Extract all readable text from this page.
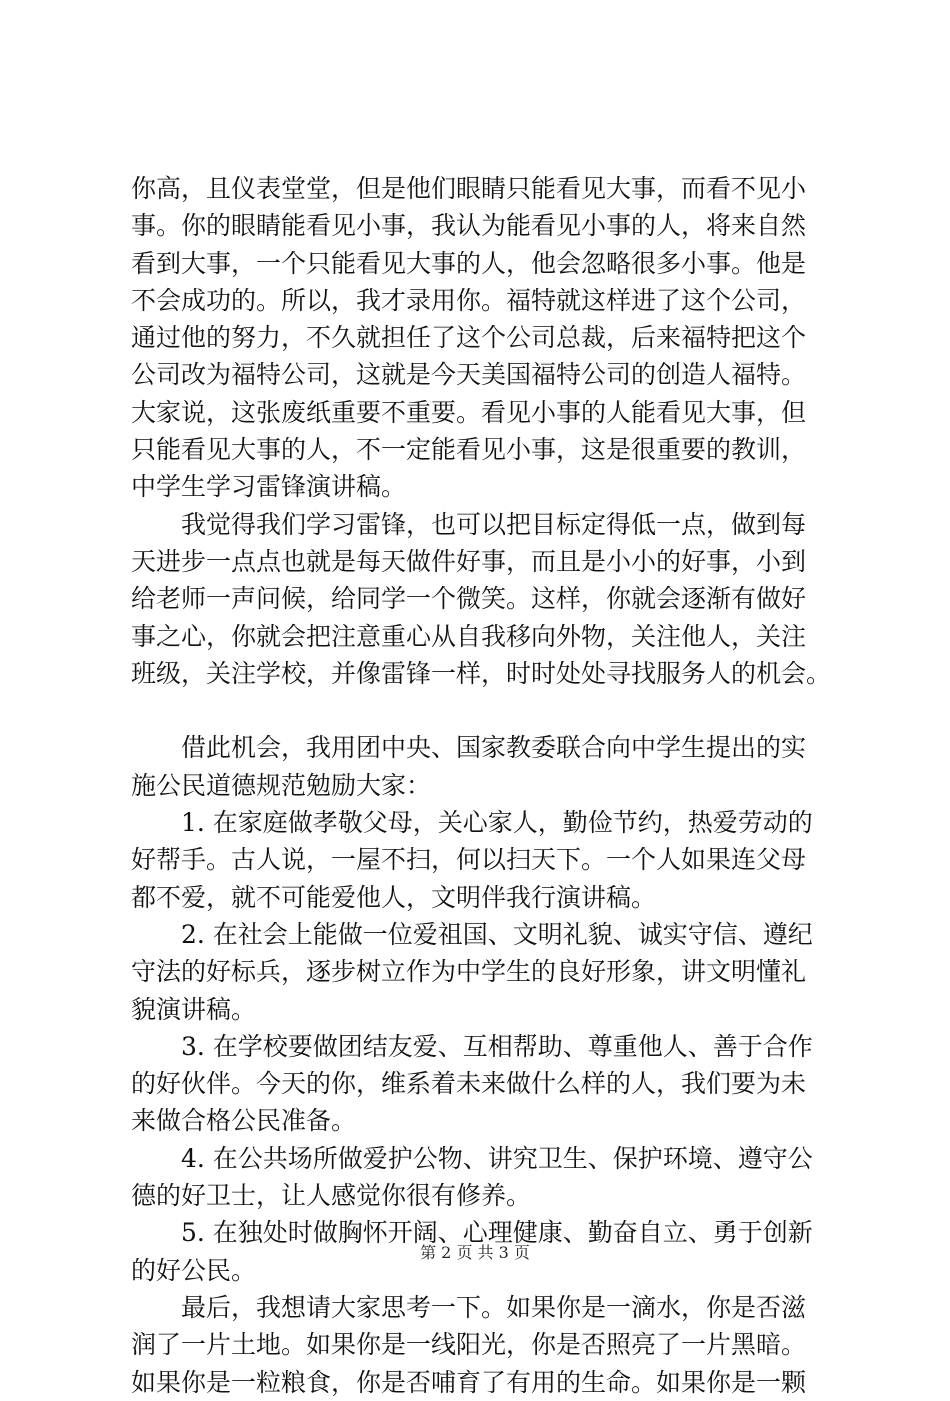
你高，且仪表堂堂，但是他们眼睛只能看见大事，而看不见小
事。你的眼睛能看见小事，我认为能看见小事的人，将来自然
看到大事，一个只能看见大事的人，他会忽略很多小事。他是
不会成功的。所以，我才录用你。福特就这样进了这个公司，
通过他的努力，不久就担任了这个公司总裁，后来福特把这个
公司改为福特公司，这就是今天美国福特公司的创造人福特。
大家说，这张废纸重要不重要。看见小事的人能看见大事，但
只能看见大事的人，不一定能看见小事，这是很重要的教训，
中学生学习雷锋演讲稿。
　　我觉得我们学习雷锋，也可以把目标定得低一点，做到每
天进步一点点也就是每天做件好事，而且是小小的好事，小到
给老师一声问候，给同学一个微笑。这样，你就会逐渐有做好
事之心，你就会把注意重心从自我移向外物，关注他人，关注
班级，关注学校，并像雷锋一样，时时处处寻找服务人的机会。
　　借此机会，我用团中央、国家教委联合向中学生提出的实
施公民道德规范勉励大家：
　　1. 在家庭做孝敬父母，关心家人，勤俭节约，热爱劳动的
好帮手。古人说，一屋不扫，何以扫天下。一个人如果连父母
都不爱，就不可能爱他人，文明伴我行演讲稿。
　　2. 在社会上能做一位爱祖国、文明礼貌、诚实守信、遵纪
守法的好标兵，逐步树立作为中学生的良好形象，讲文明懂礼
貌演讲稿。
　　3. 在学校要做团结友爱、互相帮助、尊重他人、善于合作
的好伙伴。今天的你，维系着未来做什么样的人，我们要为未
来做合格公民准备。
　　4. 在公共场所做爱护公物、讲究卫生、保护环境、遵守公
德的好卫士，让人感觉你很有修养。
　　5. 在独处时做胸怀开阔、心理健康、勤奋自立、勇于创新
的好公民。
　　最后，我想请大家思考一下。如果你是一滴水，你是否滋
润了一片土地。如果你是一线阳光，你是否照亮了一片黑暗。
如果你是一粒粮食，你是否哺育了有用的生命。如果你是一颗
第 2 页 共 3 页
